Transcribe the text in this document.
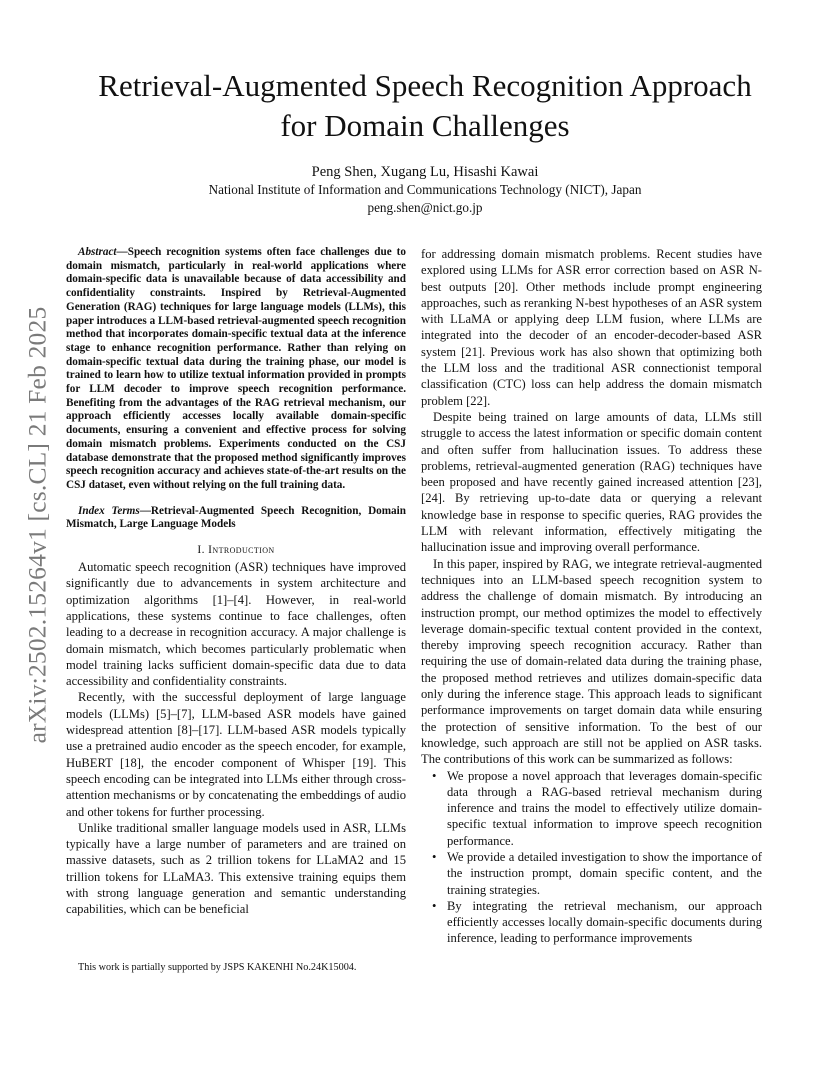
arXiv:2502.15264v1 [cs.CL] 21 Feb 2025
Retrieval-Augmented Speech Recognition Approach
for Domain Challenges
Peng Shen, Xugang Lu, Hisashi Kawai
National Institute of Information and Communications Technology (NICT), Japan
peng.shen@nict.go.jp

Abstract—Speech recognition systems often face challenges due to domain mismatch, particularly in real-world applications where domain-specific data is unavailable because of data accessibility and confidentiality constraints. Inspired by Retrieval-Augmented Generation (RAG) techniques for large language models (LLMs), this paper introduces a LLM-based retrieval-augmented speech recognition method that incorporates domain-specific textual data at the inference stage to enhance recognition performance. Rather than relying on domain-specific textual data during the training phase, our model is trained to learn how to utilize textual information provided in prompts for LLM decoder to improve speech recognition performance. Benefiting from the advantages of the RAG retrieval mechanism, our approach efficiently accesses locally available domain-specific documents, ensuring a convenient and effective process for solving domain mismatch problems. Experiments conducted on the CSJ database demonstrate that the proposed method significantly improves speech recognition accuracy and achieves state-of-the-art results on the CSJ dataset, even without relying on the full training data.

Index Terms—Retrieval-Augmented Speech Recognition, Domain Mismatch, Large Language Models

I. Introduction

Automatic speech recognition (ASR) techniques have improved significantly due to advancements in system architecture and optimization algorithms [1]–[4]. However, in real-world applications, these systems continue to face challenges, often leading to a decrease in recognition accuracy. A major challenge is domain mismatch, which becomes particularly problematic when model training lacks sufficient domain-specific data due to data accessibility and confidentiality constraints.

Recently, with the successful deployment of large language models (LLMs) [5]–[7], LLM-based ASR models have gained widespread attention [8]–[17]. LLM-based ASR models typically use a pretrained audio encoder as the speech encoder, for example, HuBERT [18], the encoder component of Whisper [19]. This speech encoding can be integrated into LLMs either through cross-attention mechanisms or by concatenating the embeddings of audio and other tokens for further processing.

Unlike traditional smaller language models used in ASR, LLMs typically have a large number of parameters and are trained on massive datasets, such as 2 trillion tokens for LLaMA2 and 15 trillion tokens for LLaMA3. This extensive training equips them with strong language generation and semantic understanding capabilities, which can be beneficial

for addressing domain mismatch problems. Recent studies have explored using LLMs for ASR error correction based on ASR N-best outputs [20]. Other methods include prompt engineering approaches, such as reranking N-best hypotheses of an ASR system with LLaMA or applying deep LLM fusion, where LLMs are integrated into the decoder of an encoder-decoder-based ASR system [21]. Previous work has also shown that optimizing both the LLM loss and the traditional ASR connectionist temporal classification (CTC) loss can help address the domain mismatch problem [22].

Despite being trained on large amounts of data, LLMs still struggle to access the latest information or specific domain content and often suffer from hallucination issues. To address these problems, retrieval-augmented generation (RAG) techniques have been proposed and have recently gained increased attention [23], [24]. By retrieving up-to-date data or querying a relevant knowledge base in response to specific queries, RAG provides the LLM with relevant information, effectively mitigating the hallucination issue and improving overall performance.

In this paper, inspired by RAG, we integrate retrieval-augmented techniques into an LLM-based speech recognition system to address the challenge of domain mismatch. By introducing an instruction prompt, our method optimizes the model to effectively leverage domain-specific textual content provided in the context, thereby improving speech recognition accuracy. Rather than requiring the use of domain-related data during the training phase, the proposed method retrieves and utilizes domain-specific data only during the inference stage. This approach leads to significant performance improvements on target domain data while ensuring the protection of sensitive information. To the best of our knowledge, such approach are still not be applied on ASR tasks. The contributions of this work can be summarized as follows:

• We propose a novel approach that leverages domain-specific data through a RAG-based retrieval mechanism during inference and trains the model to effectively utilize domain-specific textual information to improve speech recognition performance.
• We provide a detailed investigation to show the importance of the instruction prompt, domain specific content, and the training strategies.
• By integrating the retrieval mechanism, our approach efficiently accesses locally domain-specific documents during inference, leading to performance improvements
This work is partially supported by JSPS KAKENHI No.24K15004.
